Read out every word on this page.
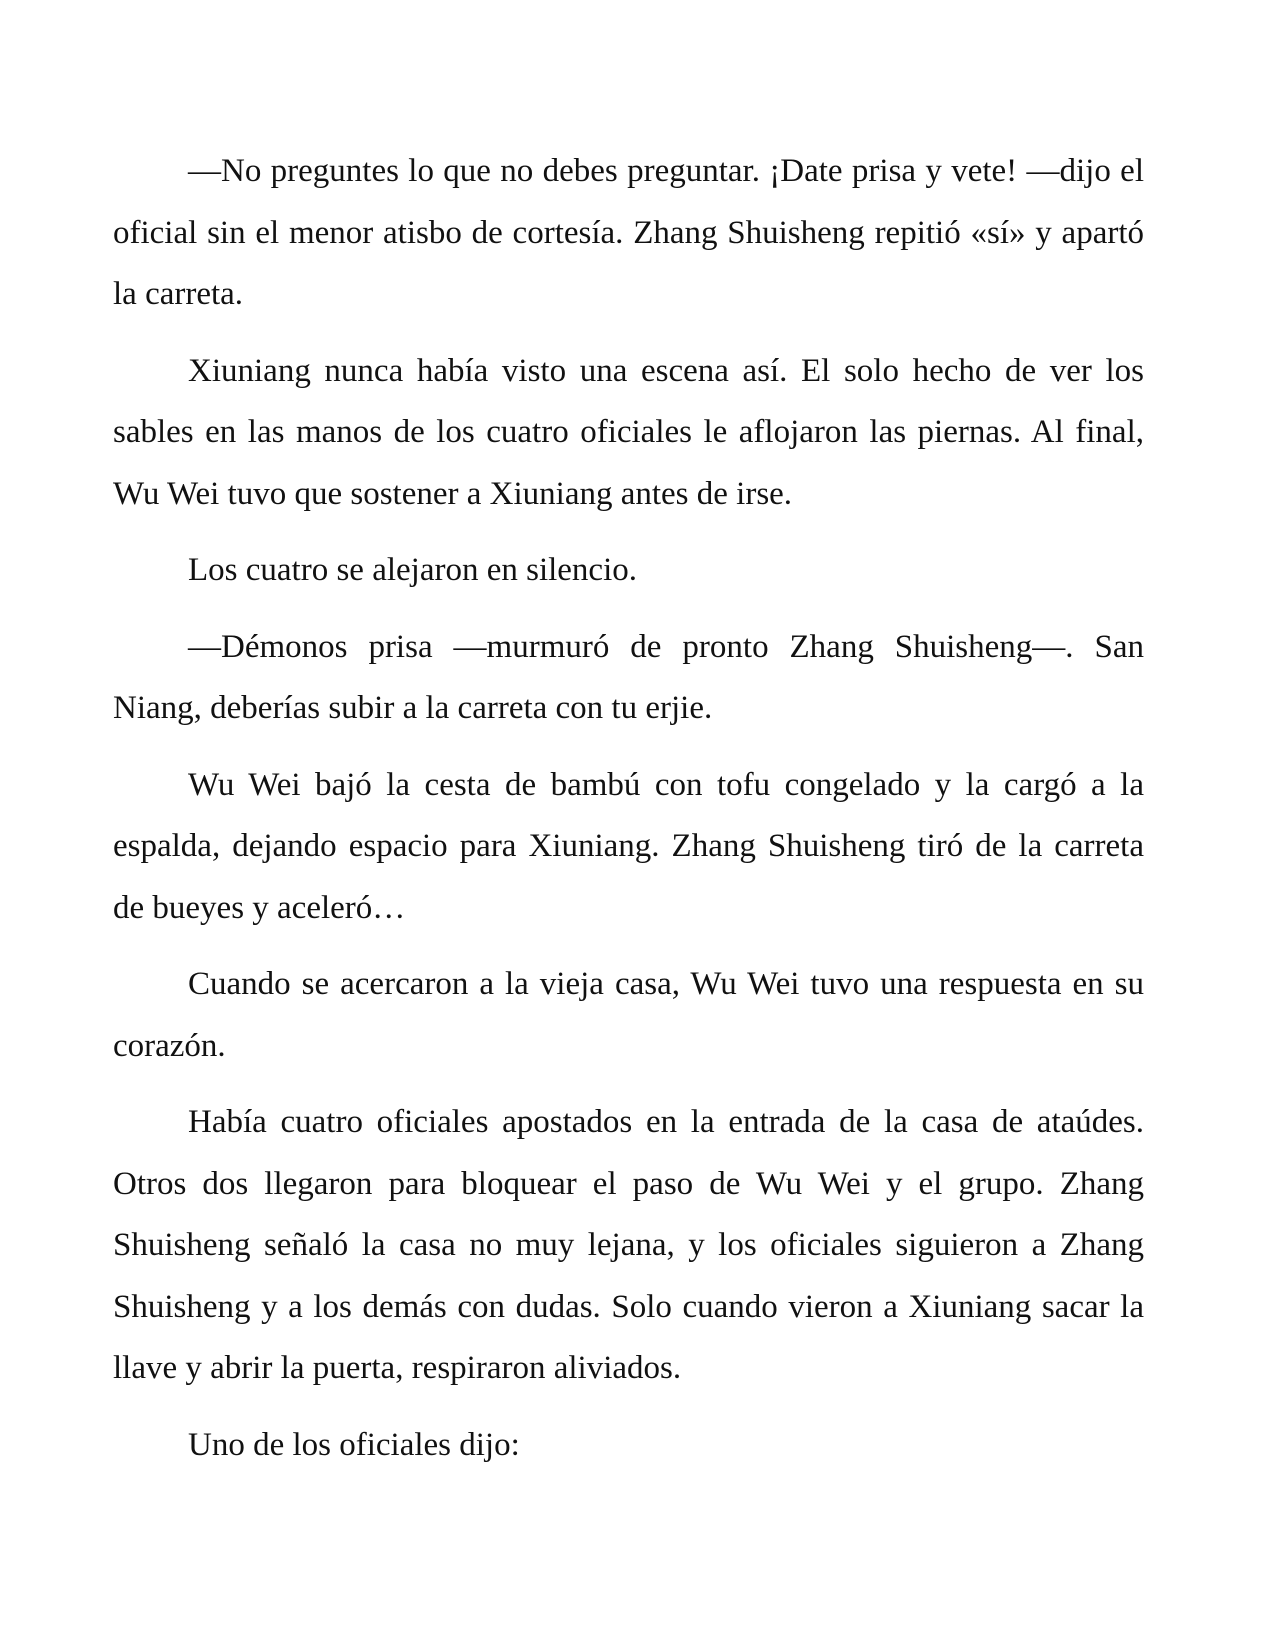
—No preguntes lo que no debes preguntar. ¡Date prisa y vete! —dijo el oficial sin el menor atisbo de cortesía. Zhang Shuisheng repitió «sí» y apartó la carreta.

Xiuniang nunca había visto una escena así. El solo hecho de ver los sables en las manos de los cuatro oficiales le aflojaron las piernas. Al final, Wu Wei tuvo que sostener a Xiuniang antes de irse.

Los cuatro se alejaron en silencio.

—Démonos prisa —murmuró de pronto Zhang Shuisheng—. San Niang, deberías subir a la carreta con tu erjie.

Wu Wei bajó la cesta de bambú con tofu congelado y la cargó a la espalda, dejando espacio para Xiuniang. Zhang Shuisheng tiró de la carreta de bueyes y aceleró…

Cuando se acercaron a la vieja casa, Wu Wei tuvo una respuesta en su corazón.

Había cuatro oficiales apostados en la entrada de la casa de ataúdes. Otros dos llegaron para bloquear el paso de Wu Wei y el grupo. Zhang Shuisheng señaló la casa no muy lejana, y los oficiales siguieron a Zhang Shuisheng y a los demás con dudas. Solo cuando vieron a Xiuniang sacar la llave y abrir la puerta, respiraron aliviados.

Uno de los oficiales dijo:
